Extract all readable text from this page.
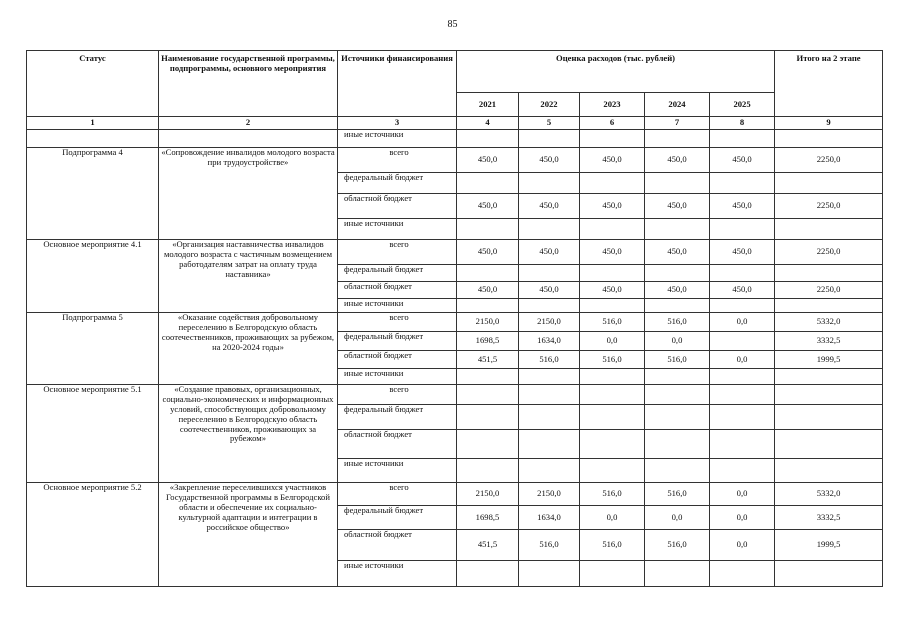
85
Статус	Наименование государственной программы, подпрограммы, основного мероприятия	Источники финансирования	Оценка расходов (тыс. рублей)					Итого на 2 этапе
			2021	2022	2023	2024	2025	
1	2	3	4	5	6	7	8	9
		иные источники						
Подпрограмма 4	«Сопровождение инвалидов молодого возраста при трудоустройстве»	всего	450,0	450,0	450,0	450,0	450,0	2250,0
		федеральный бюджет						
		областной бюджет	450,0	450,0	450,0	450,0	450,0	2250,0
		иные источники						
Основное мероприятие 4.1	«Организация наставничества инвалидов молодого возраста с частичным возмещением работодателям затрат на оплату труда наставника»	всего	450,0	450,0	450,0	450,0	450,0	2250,0
		федеральный бюджет						
		областной бюджет	450,0	450,0	450,0	450,0	450,0	2250,0
		иные источники						
Подпрограмма 5	«Оказание содействия добровольному переселению в Белгородскую область соотечественников, проживающих за рубежом, на 2020-2024 годы»	всего	2150,0	2150,0	516,0	516,0	0,0	5332,0
		федеральный бюджет	1698,5	1634,0	0,0	0,0		3332,5
		областной бюджет	451,5	516,0	516,0	516,0	0,0	1999,5
		иные источники						
Основное мероприятие 5.1	«Создание правовых, организационных, социально-экономических и информационных условий, способствующих добровольному переселению в Белгородскую область соотечественников, проживающих за рубежом»	всего						
		федеральный бюджет						
		областной бюджет						
		иные источники						
Основное мероприятие 5.2	«Закрепление переселившихся участников Государственной программы в Белгородской области и обеспечение их социально-культурной адаптации и интеграции в российское общество»	всего	2150,0	2150,0	516,0	516,0	0,0	5332,0
		федеральный бюджет	1698,5	1634,0	0,0	0,0	0,0	3332,5
		областной бюджет	451,5	516,0	516,0	516,0	0,0	1999,5
		иные источники						
